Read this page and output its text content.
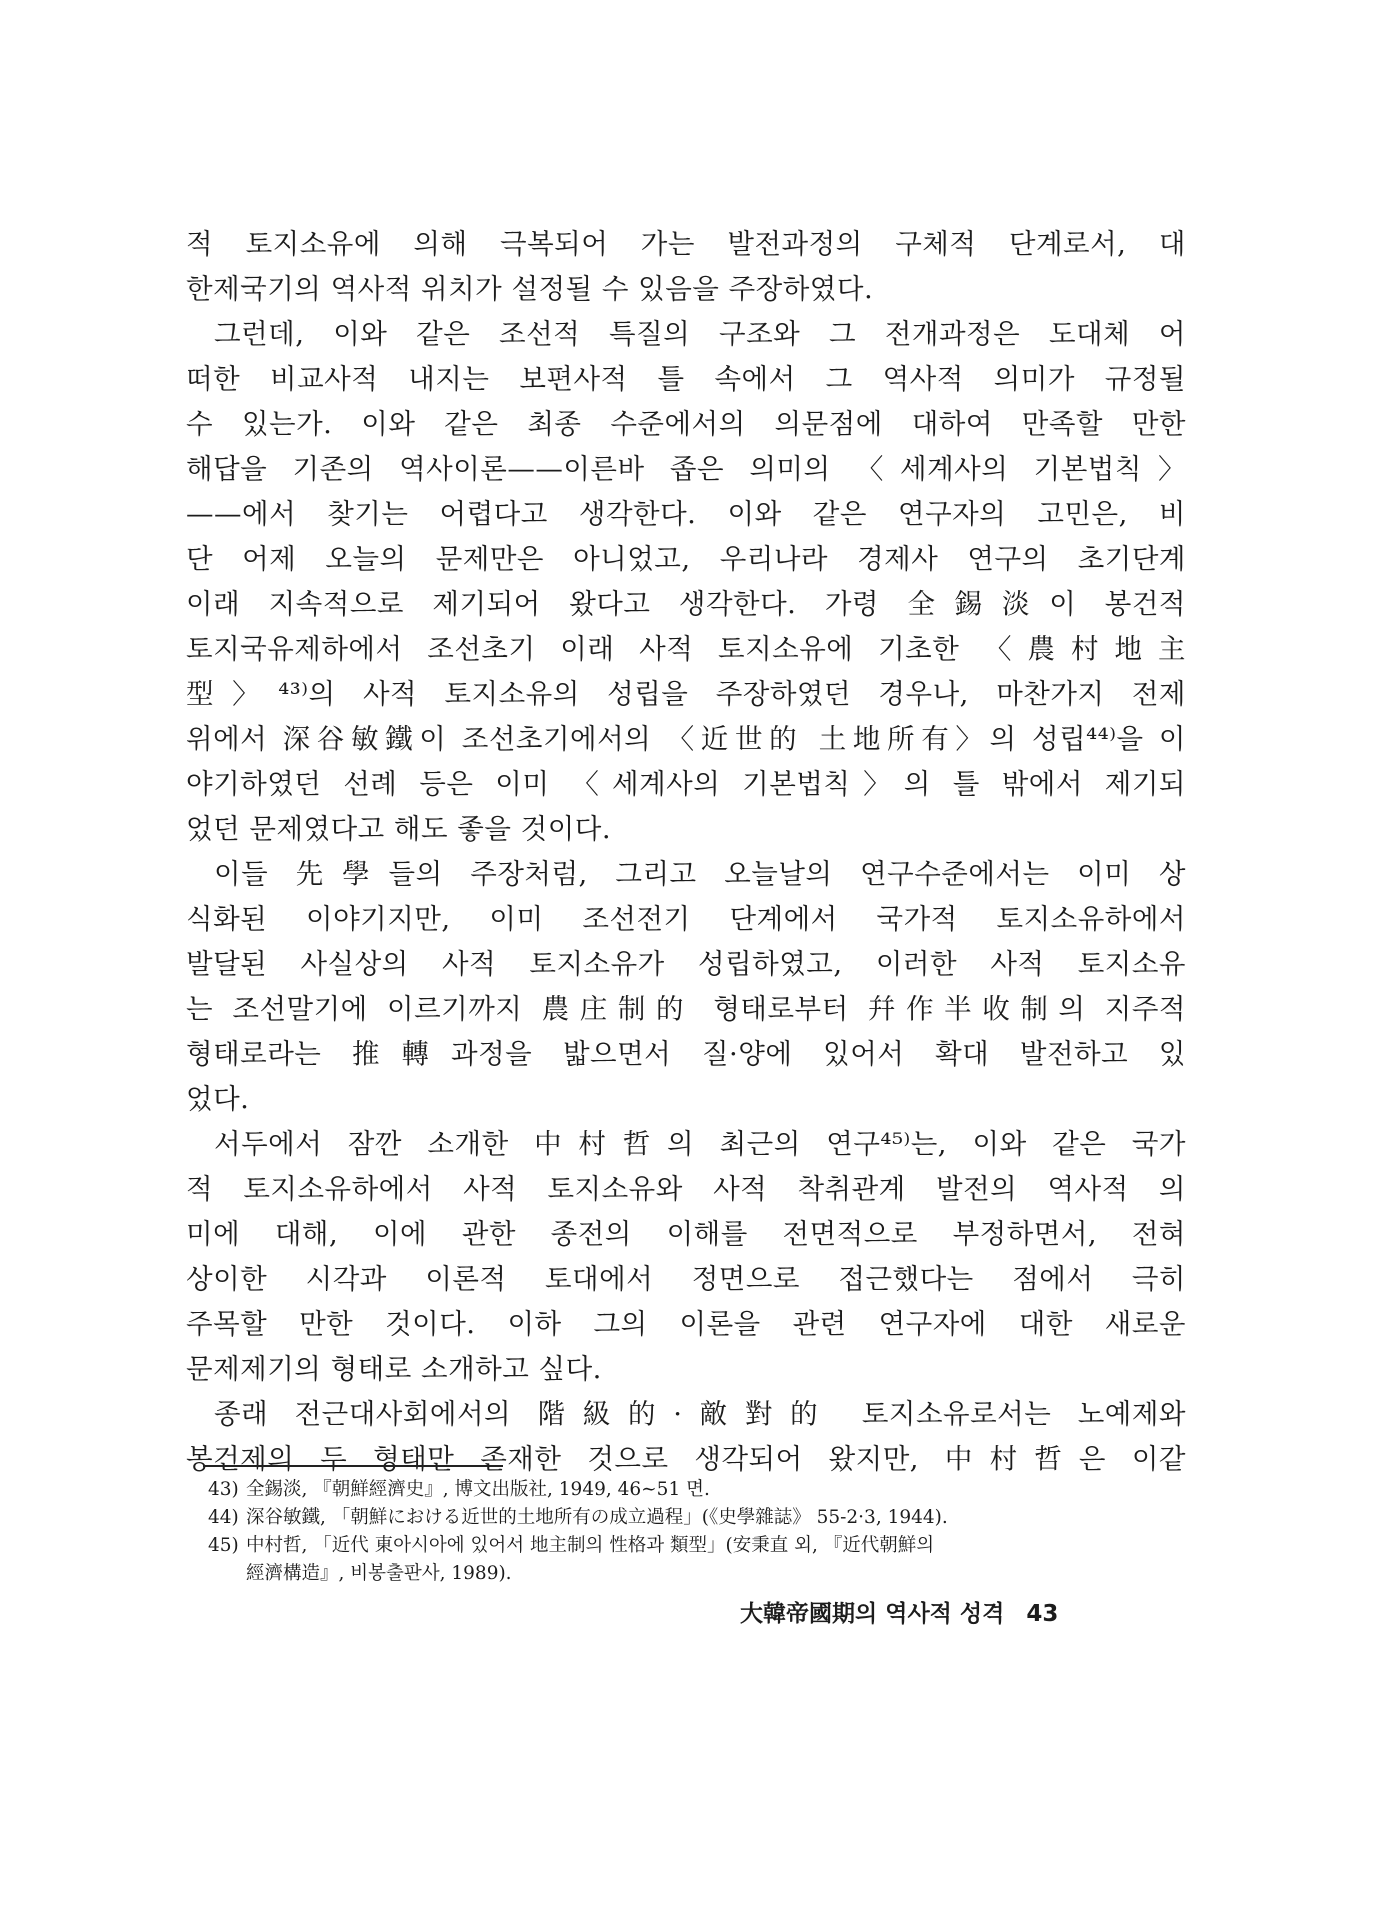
적 토지소유에 의해 극복되어 가는 발전과정의 구체적 단계로서, 대
한제국기의 역사적 위치가 설정될 수 있음을 주장하였다.
그런데, 이와 같은 조선적 특질의 구조와 그 전개과정은 도대체 어
떠한 비교사적 내지는 보편사적 틀 속에서 그 역사적 의미가 규정될
수 있는가. 이와 같은 최종 수준에서의 의문점에 대하여 만족할 만한
해답을 기존의 역사이론——이른바 좁은 의미의 〈세계사의 기본법칙〉
——에서 찾기는 어렵다고 생각한다. 이와 같은 연구자의 고민은, 비
단 어제 오늘의 문제만은 아니었고, 우리나라 경제사 연구의 초기단계
이래 지속적으로 제기되어 왔다고 생각한다. 가령 全錫淡이 봉건적
토지국유제하에서 조선초기 이래 사적 토지소유에 기초한 〈農村地主
型〉⁴³⁾의 사적 토지소유의 성립을 주장하였던 경우나, 마찬가지 전제
위에서 深谷敏鐵이 조선초기에서의 〈近世的 土地所有〉의 성립⁴⁴⁾을 이
야기하였던 선례 등은 이미 〈세계사의 기본법칙〉의 틀 밖에서 제기되
었던 문제였다고 해도 좋을 것이다.
이들 先學들의 주장처럼, 그리고 오늘날의 연구수준에서는 이미 상
식화된 이야기지만, 이미 조선전기 단계에서 국가적 토지소유하에서
발달된 사실상의 사적 토지소유가 성립하였고, 이러한 사적 토지소유
는 조선말기에 이르기까지 農庄制的 형태로부터 幷作半收制의 지주적
형태로라는 推轉과정을 밟으면서 질·양에 있어서 확대 발전하고 있
었다.
서두에서 잠깐 소개한 中村哲의 최근의 연구⁴⁵⁾는, 이와 같은 국가
적 토지소유하에서 사적 토지소유와 사적 착취관계 발전의 역사적 의
미에 대해, 이에 관한 종전의 이해를 전면적으로 부정하면서, 전혀
상이한 시각과 이론적 토대에서 정면으로 접근했다는 점에서 극히
주목할 만한 것이다. 이하 그의 이론을 관련 연구자에 대한 새로운
문제제기의 형태로 소개하고 싶다.
종래 전근대사회에서의 階級的·敵對的 토지소유로서는 노예제와
봉건제의 두 형태만 존재한 것으로 생각되어 왔지만, 中村哲은 이같
43) 全錫淡, 『朝鮮經濟史』, 博文出版社, 1949, 46∼51 면.
44) 深谷敏鐵, 「朝鮮における近世的土地所有の成立過程」(《史學雜誌》 55-2·3, 1944).
45) 中村哲, 「近代 東아시아에 있어서 地主制의 性格과 類型」(安秉直 외, 『近代朝鮮의
經濟構造』, 비봉출판사, 1989).
大韓帝國期의 역사적 성격 43
